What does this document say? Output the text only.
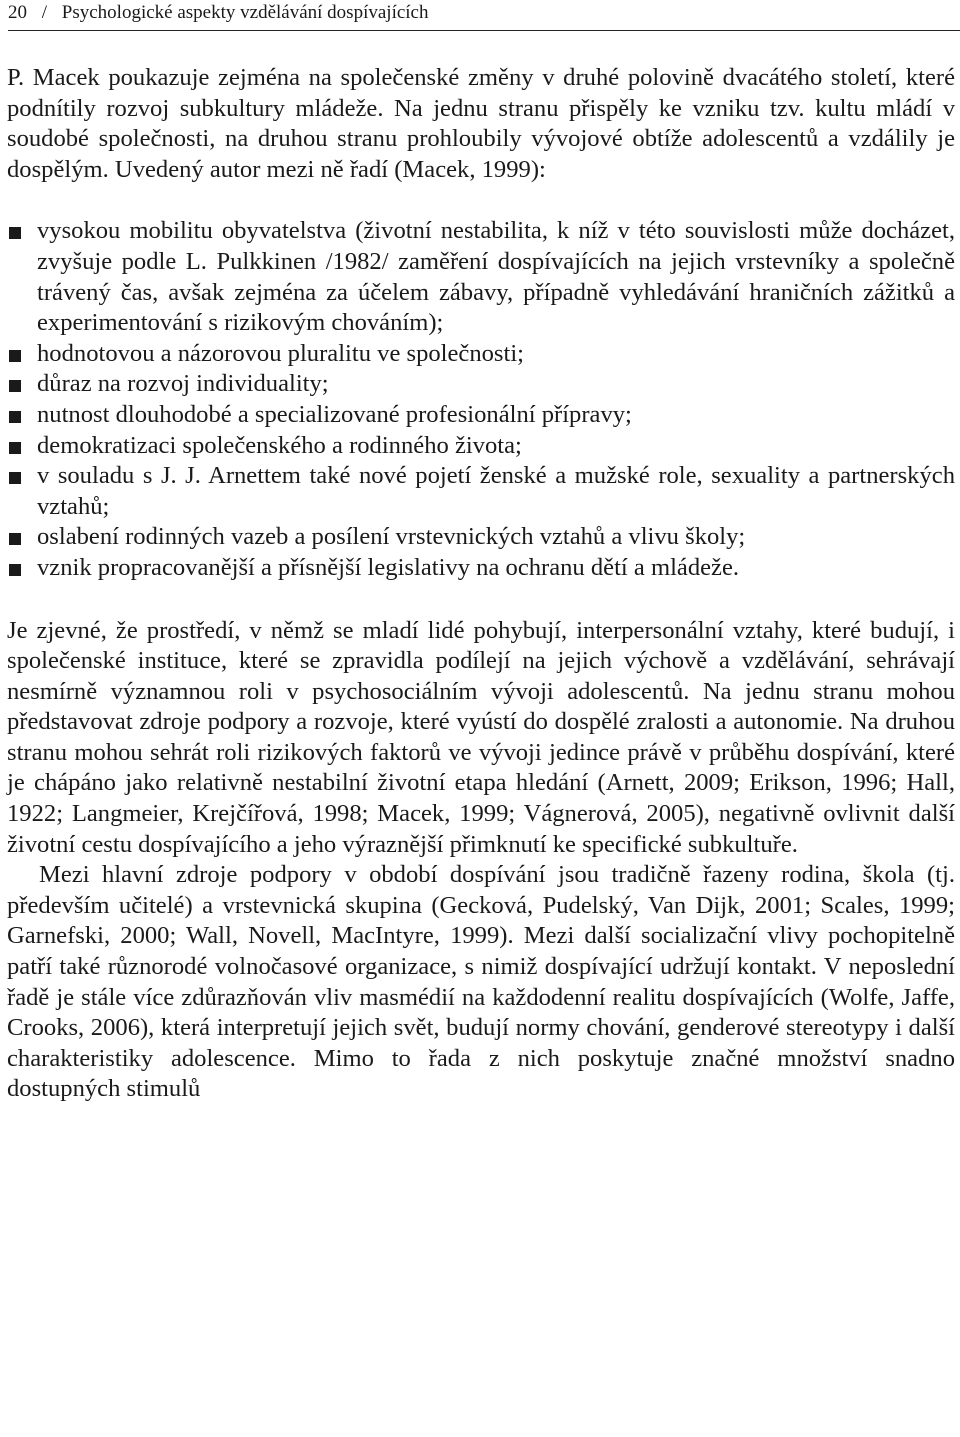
20 / Psychologické aspekty vzdělávání dospívajících

P. Macek poukazuje zejména na společenské změny v druhé polovině dvacátého století, které podnítily rozvoj subkultury mládeže. Na jednu stranu přispěly ke vzniku tzv. kultu mládí v soudobé společnosti, na druhou stranu prohloubily vývojové obtíže adolescentů a vzdálily je dospělým. Uvedený autor mezi ně řadí (Macek, 1999):

vysokou mobilitu obyvatelstva (životní nestabilita, k níž v této souvislosti může docházet, zvyšuje podle L. Pulkkinen /1982/ zaměření dospívajících na jejich vrstevníky a společně trávený čas, avšak zejména za účelem zábavy, případně vyhledávání hraničních zážitků a experimentování s rizikovým chováním);
hodnotovou a názorovou pluralitu ve společnosti;
důraz na rozvoj individuality;
nutnost dlouhodobé a specializované profesionální přípravy;
demokratizaci společenského a rodinného života;
v souladu s J. J. Arnettem také nové pojetí ženské a mužské role, sexuality a partnerských vztahů;
oslabení rodinných vazeb a posílení vrstevnických vztahů a vlivu školy;
vznik propracovanější a přísnější legislativy na ochranu dětí a mládeže.

Je zjevné, že prostředí, v němž se mladí lidé pohybují, interpersonální vztahy, které budují, i společenské instituce, které se zpravidla podílejí na jejich výchově a vzdělávání, sehrávají nesmírně významnou roli v psychosociálním vývoji adolescentů. Na jednu stranu mohou představovat zdroje podpory a rozvoje, které vyústí do dospělé zralosti a autonomie. Na druhou stranu mohou sehrát roli rizikových faktorů ve vývoji jedince právě v průběhu dospívání, které je chápáno jako relativně nestabilní životní etapa hledání (Arnett, 2009; Erikson, 1996; Hall, 1922; Langmeier, Krejčířová, 1998; Macek, 1999; Vágnerová, 2005), negativně ovlivnit další životní cestu dospívajícího a jeho výraznější přimknutí ke specifické subkultuře.

Mezi hlavní zdroje podpory v období dospívání jsou tradičně řazeny rodina, škola (tj. především učitelé) a vrstevnická skupina (Gecková, Pudelský, Van Dijk, 2001; Scales, 1999; Garnefski, 2000; Wall, Novell, MacIntyre, 1999). Mezi další socializační vlivy pochopitelně patří také různorodé volnočasové organizace, s nimiž dospívající udržují kontakt. V neposlední řadě je stále více zdůrazňován vliv masmédií na každodenní realitu dospívajících (Wolfe, Jaffe, Crooks, 2006), která interpretují jejich svět, budují normy chování, genderové stereotypy i další charakteristiky adolescence. Mimo to řada z nich poskytuje značné množství snadno dostupných stimulů
